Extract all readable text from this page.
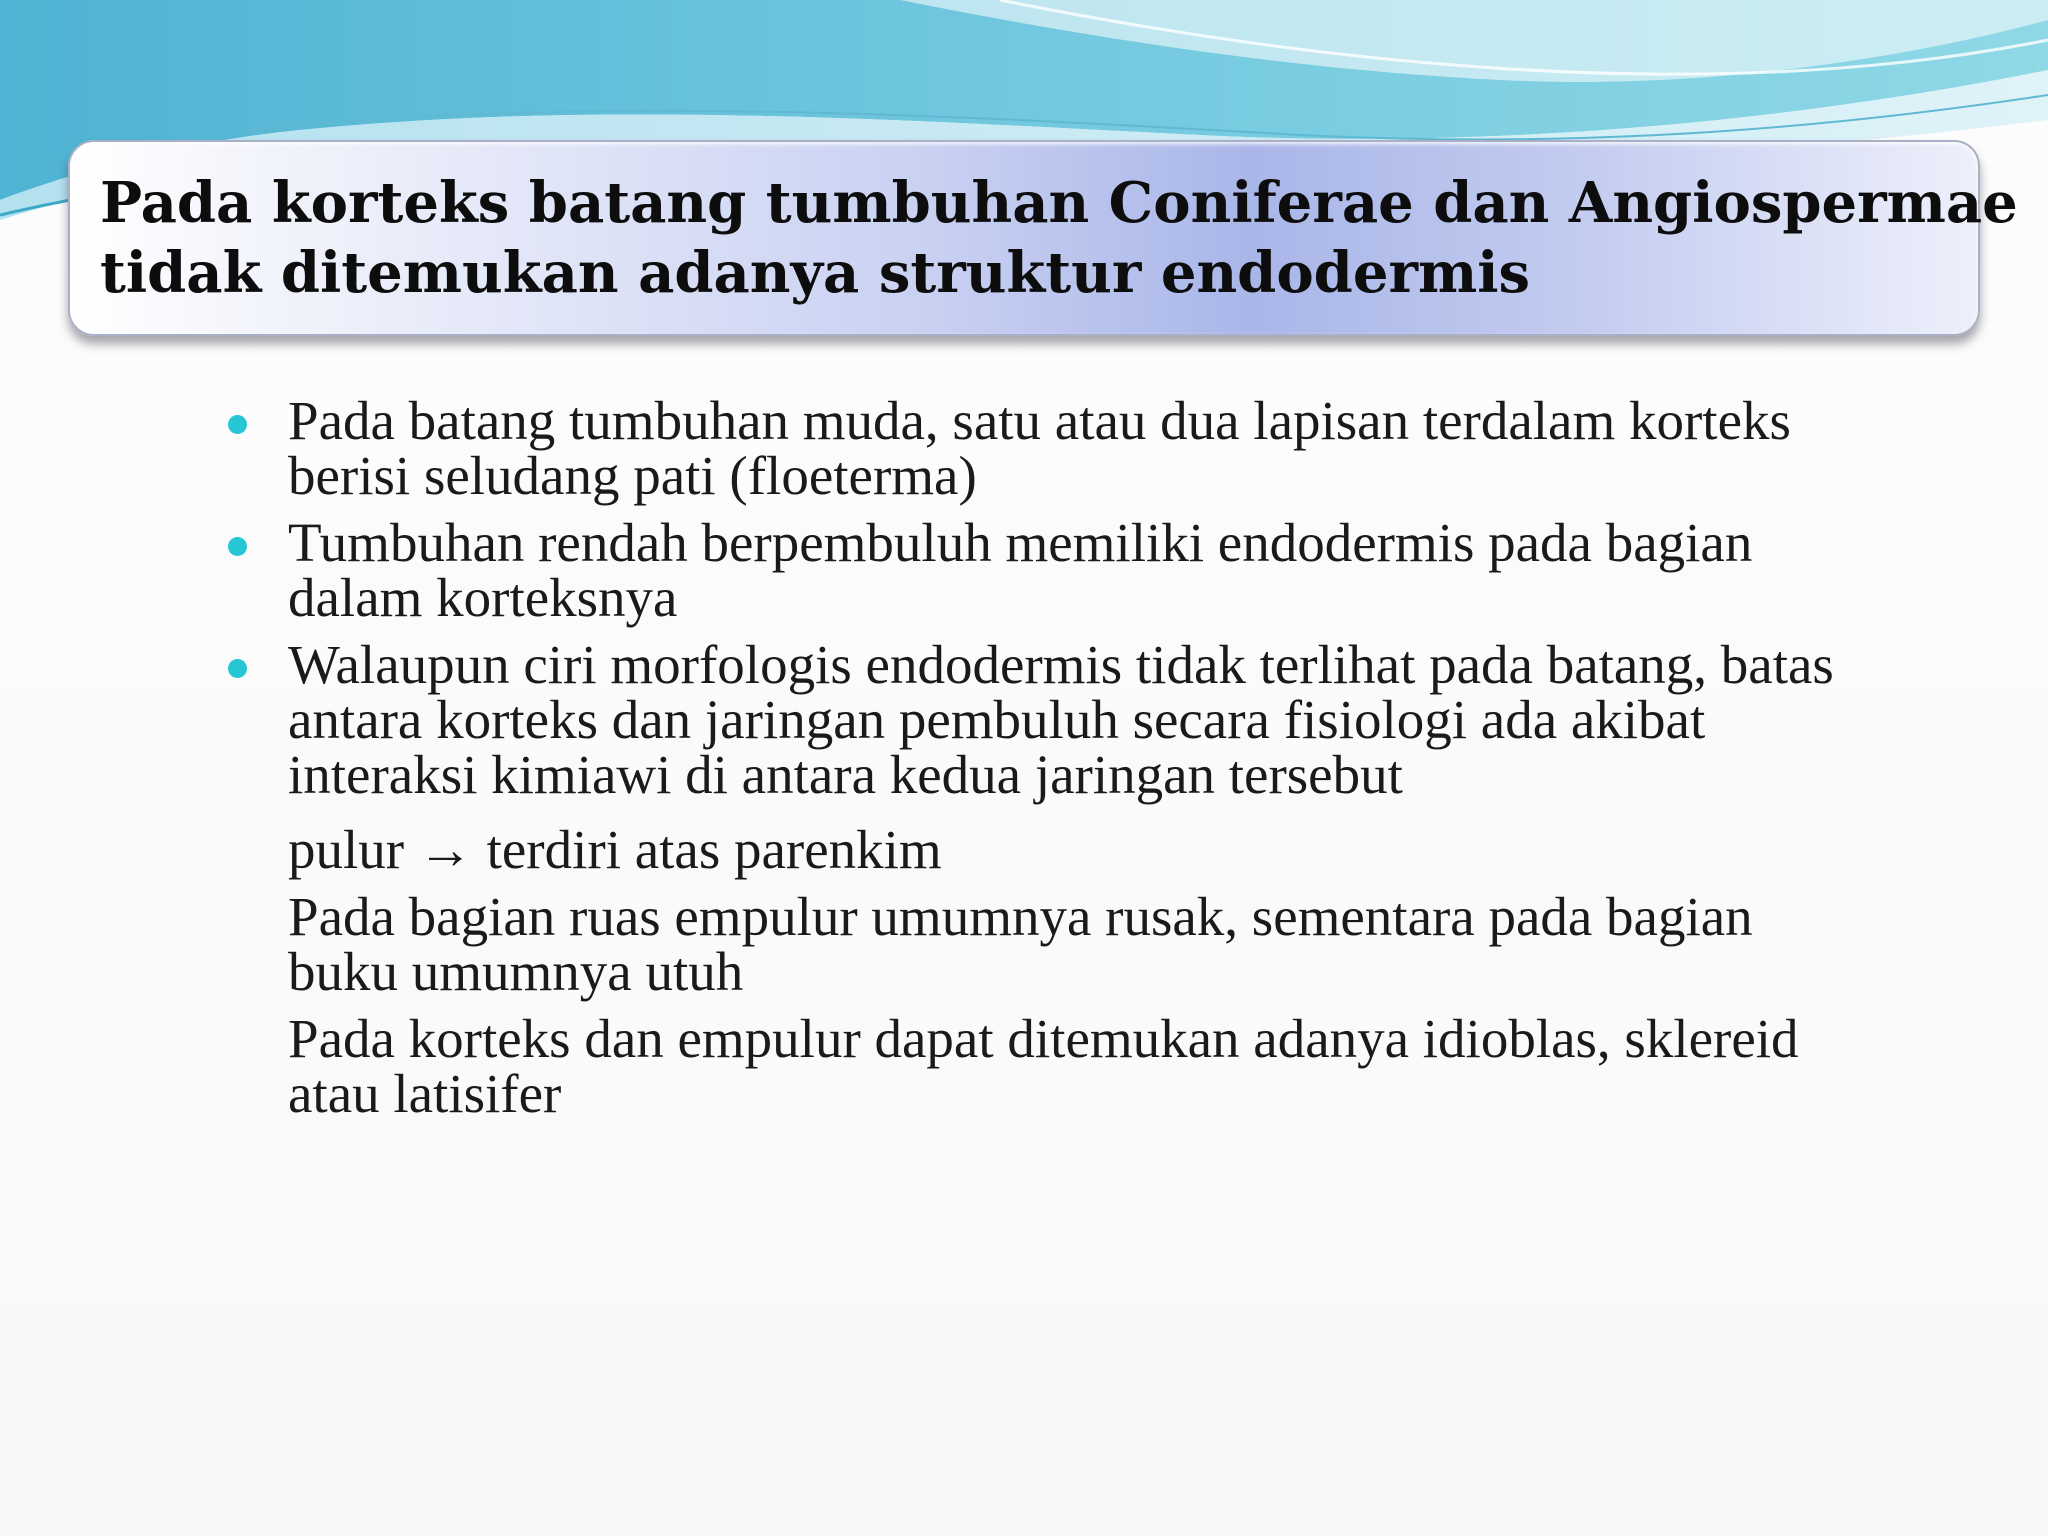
Pada korteks batang tumbuhan Coniferae dan Angiospermae
tidak ditemukan adanya struktur endodermis
Pada batang tumbuhan muda, satu atau dua lapisan terdalam korteks
berisi seludang pati (floeterma)
Tumbuhan rendah berpembuluh memiliki endodermis pada bagian
dalam korteksnya
Walaupun ciri morfologis endodermis tidak terlihat pada batang, batas
antara korteks dan jaringan pembuluh secara fisiologi ada akibat
interaksi kimiawi di antara kedua jaringan tersebut
pulur → terdiri atas parenkim
Pada bagian ruas empulur umumnya rusak, sementara pada bagian
buku umumnya utuh
Pada korteks dan empulur dapat ditemukan adanya idioblas, sklereid
atau latisifer
